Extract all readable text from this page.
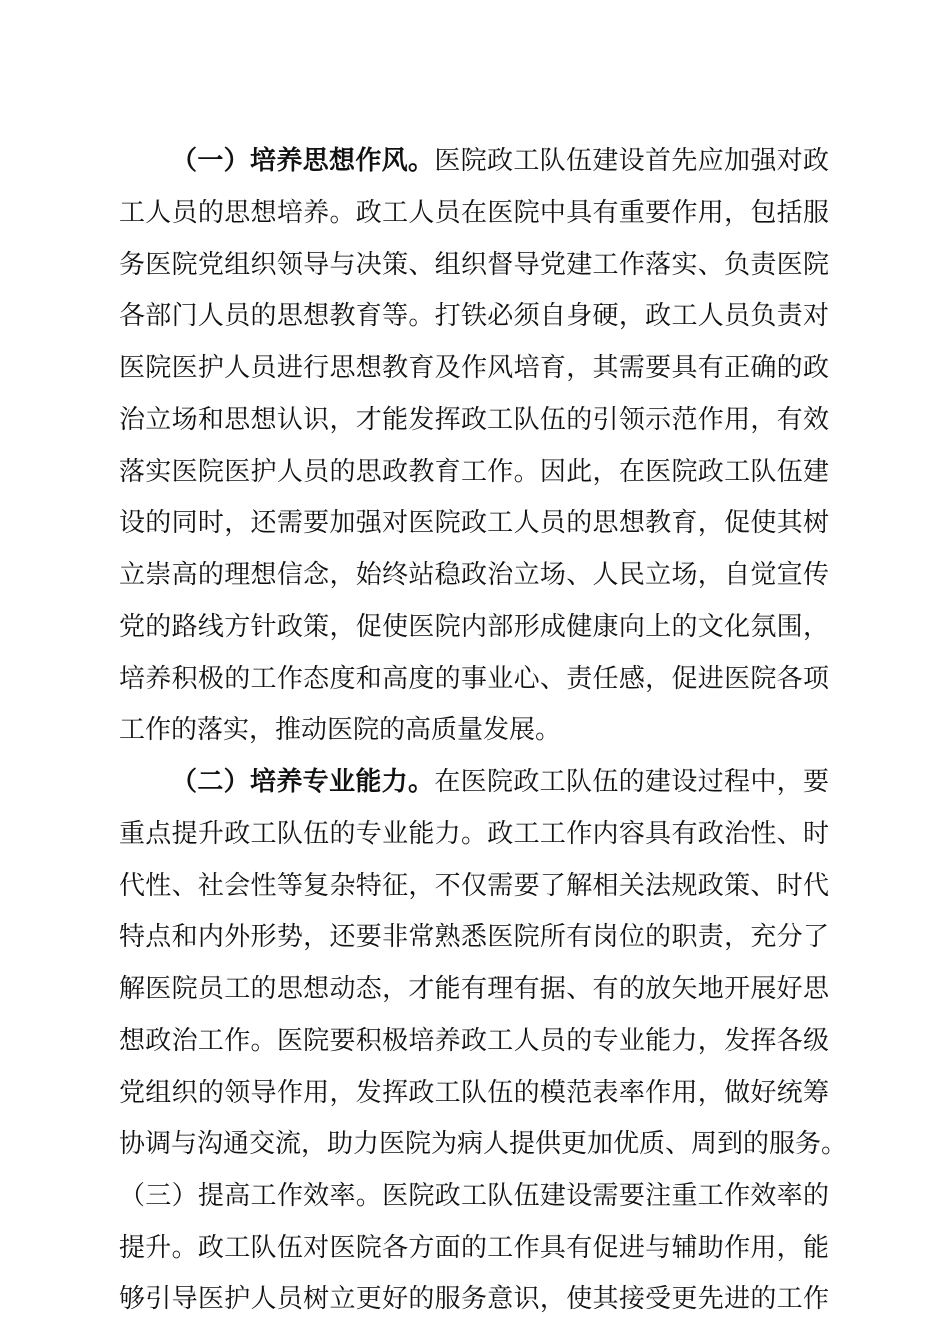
（一）培养思想作风。医院政工队伍建设首先应加强对政
工人员的思想培养。政工人员在医院中具有重要作用，包括服
务医院党组织领导与决策、组织督导党建工作落实、负责医院
各部门人员的思想教育等。打铁必须自身硬，政工人员负责对
医院医护人员进行思想教育及作风培育，其需要具有正确的政
治立场和思想认识，才能发挥政工队伍的引领示范作用，有效
落实医院医护人员的思政教育工作。因此，在医院政工队伍建
设的同时，还需要加强对医院政工人员的思想教育，促使其树
立崇高的理想信念，始终站稳政治立场、人民立场，自觉宣传
党的路线方针政策，促使医院内部形成健康向上的文化氛围，
培养积极的工作态度和高度的事业心、责任感，促进医院各项
工作的落实，推动医院的高质量发展。
（二）培养专业能力。在医院政工队伍的建设过程中，要
重点提升政工队伍的专业能力。政工工作内容具有政治性、时
代性、社会性等复杂特征，不仅需要了解相关法规政策、时代
特点和内外形势，还要非常熟悉医院所有岗位的职责，充分了
解医院员工的思想动态，才能有理有据、有的放矢地开展好思
想政治工作。医院要积极培养政工人员的专业能力，发挥各级
党组织的领导作用，发挥政工队伍的模范表率作用，做好统筹
协调与沟通交流，助力医院为病人提供更加优质、周到的服务。
（三）提高工作效率。医院政工队伍建设需要注重工作效率的
提升。政工队伍对医院各方面的工作具有促进与辅助作用，能
够引导医护人员树立更好的服务意识，使其接受更先进的工作
